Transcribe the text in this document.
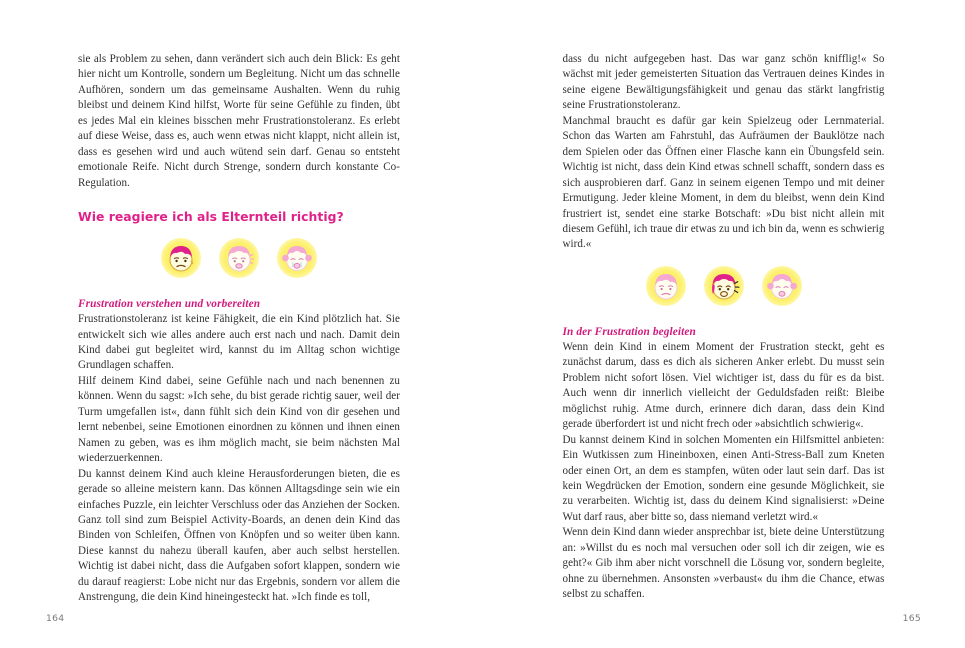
sie als Problem zu sehen, dann verändert sich auch dein Blick: Es geht hier nicht um Kontrolle, sondern um Begleitung. Nicht um das schnelle Aufhören, sondern um das gemeinsame Aushalten. Wenn du ruhig bleibst und deinem Kind hilfst, Worte für seine Gefühle zu finden, übt es jedes Mal ein kleines bisschen mehr Frustrationstoleranz. Es erlebt auf diese Weise, dass es, auch wenn etwas nicht klappt, nicht allein ist, dass es gesehen wird und auch wütend sein darf. Genau so entsteht emotionale Reife. Nicht durch Strenge, sondern durch konstante Co-Regulation.

Wie reagiere ich als Elternteil richtig?
Frustration verstehen und vorbereiten

Frustrationstoleranz ist keine Fähigkeit, die ein Kind plötzlich hat. Sie entwickelt sich wie alles andere auch erst nach und nach. Damit dein Kind dabei gut begleitet wird, kannst du im Alltag schon wichtige Grundlagen schaffen.

Hilf deinem Kind dabei, seine Gefühle nach und nach benennen zu können. Wenn du sagst: »Ich sehe, du bist gerade richtig sauer, weil der Turm umgefallen ist«, dann fühlt sich dein Kind von dir gesehen und lernt nebenbei, seine Emotionen einordnen zu können und ihnen einen Namen zu geben, was es ihm möglich macht, sie beim nächsten Mal wiederzuerkennen.

Du kannst deinem Kind auch kleine Herausforderungen bieten, die es gerade so alleine meistern kann. Das können Alltagsdinge sein wie ein einfaches Puzzle, ein leichter Verschluss oder das Anziehen der Socken. Ganz toll sind zum Beispiel Activity-Boards, an denen dein Kind das Binden von Schleifen, Öffnen von Knöpfen und so weiter üben kann. Diese kannst du nahezu überall kaufen, aber auch selbst herstellen. Wichtig ist dabei nicht, dass die Aufgaben sofort klappen, sondern wie du darauf reagierst: Lobe nicht nur das Ergebnis, sondern vor allem die Anstrengung, die dein Kind hineingesteckt hat. »Ich finde es toll,

164

dass du nicht aufgegeben hast. Das war ganz schön knifflig!« So wächst mit jeder gemeisterten Situation das Vertrauen deines Kindes in seine eigene Bewältigungsfähigkeit und genau das stärkt langfristig seine Frustrationstoleranz.

Manchmal braucht es dafür gar kein Spielzeug oder Lernmaterial. Schon das Warten am Fahrstuhl, das Aufräumen der Bauklötze nach dem Spielen oder das Öffnen einer Flasche kann ein Übungsfeld sein. Wichtig ist nicht, dass dein Kind etwas schnell schafft, sondern dass es sich ausprobieren darf. Ganz in seinem eigenen Tempo und mit deiner Ermutigung. Jeder kleine Moment, in dem du bleibst, wenn dein Kind frustriert ist, sendet eine starke Botschaft: »Du bist nicht allein mit diesem Gefühl, ich traue dir etwas zu und ich bin da, wenn es schwierig wird.«

In der Frustration begleiten

Wenn dein Kind in einem Moment der Frustration steckt, geht es zunächst darum, dass es dich als sicheren Anker erlebt. Du musst sein Problem nicht sofort lösen. Viel wichtiger ist, dass du für es da bist. Auch wenn dir innerlich vielleicht der Geduldsfaden reißt: Bleibe möglichst ruhig. Atme durch, erinnere dich daran, dass dein Kind gerade überfordert ist und nicht frech oder »absichtlich schwierig«.

Du kannst deinem Kind in solchen Momenten ein Hilfsmittel anbieten: Ein Wutkissen zum Hineinboxen, einen Anti-Stress-Ball zum Kneten oder einen Ort, an dem es stampfen, wüten oder laut sein darf. Das ist kein Wegdrücken der Emotion, sondern eine gesunde Möglichkeit, sie zu verarbeiten. Wichtig ist, dass du deinem Kind signalisierst: »Deine Wut darf raus, aber bitte so, dass niemand verletzt wird.«

Wenn dein Kind dann wieder ansprechbar ist, biete deine Unterstützung an: »Willst du es noch mal versuchen oder soll ich dir zeigen, wie es geht?« Gib ihm aber nicht vorschnell die Lösung vor, sondern begleite, ohne zu übernehmen. Ansonsten »verbaust« du ihm die Chance, etwas selbst zu schaffen.

165
